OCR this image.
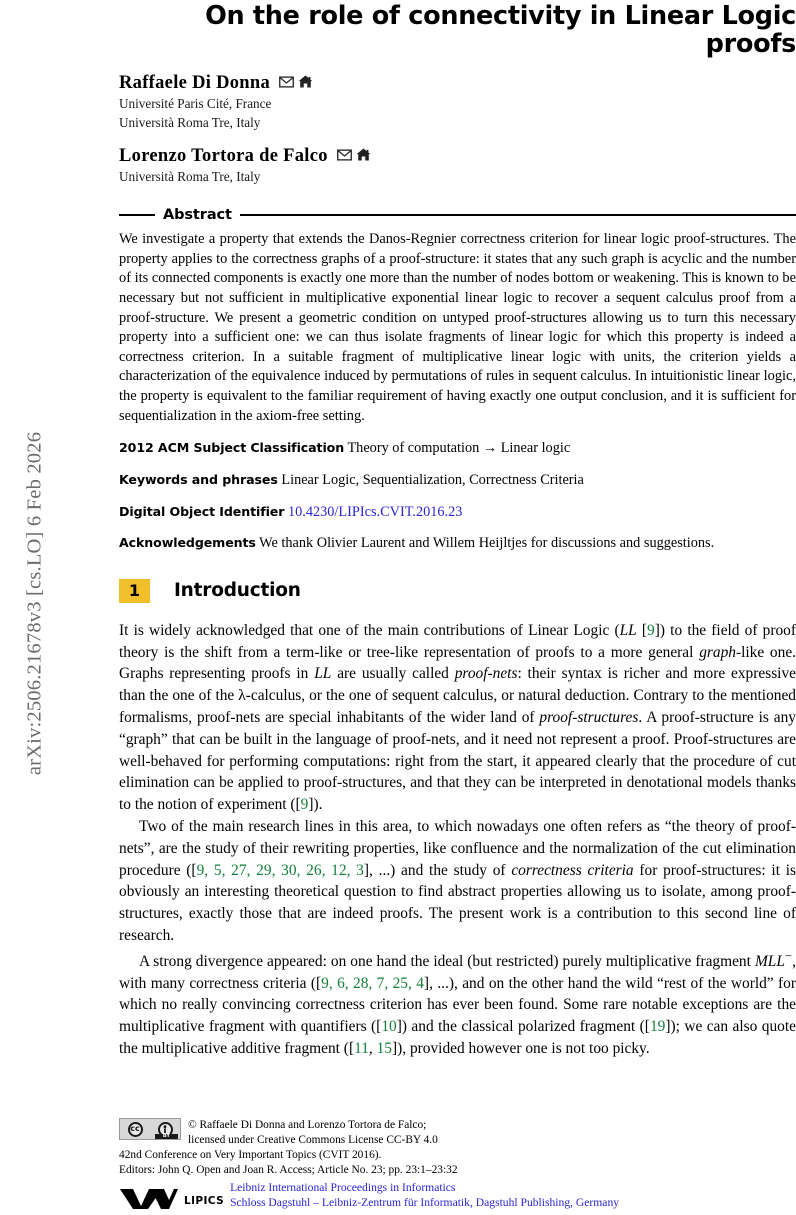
arXiv:2506.21678v3 [cs.LO] 6 Feb 2026
On the role of connectivity in Linear Logic proofs
Raffaele Di Donna
Université Paris Cité, France
Università Roma Tre, Italy
Lorenzo Tortora de Falco
Università Roma Tre, Italy
Abstract
We investigate a property that extends the Danos-Regnier correctness criterion for linear logic proof-structures. The property applies to the correctness graphs of a proof-structure: it states that any such graph is acyclic and the number of its connected components is exactly one more than the number of nodes bottom or weakening. This is known to be necessary but not sufficient in multiplicative exponential linear logic to recover a sequent calculus proof from a proof-structure. We present a geometric condition on untyped proof-structures allowing us to turn this necessary property into a sufficient one: we can thus isolate fragments of linear logic for which this property is indeed a correctness criterion. In a suitable fragment of multiplicative linear logic with units, the criterion yields a characterization of the equivalence induced by permutations of rules in sequent calculus. In intuitionistic linear logic, the property is equivalent to the familiar requirement of having exactly one output conclusion, and it is sufficient for sequentialization in the axiom-free setting.
2012 ACM Subject Classification Theory of computation → Linear logic
Keywords and phrases Linear Logic, Sequentialization, Correctness Criteria
Digital Object Identifier 10.4230/LIPIcs.CVIT.2016.23
Acknowledgements We thank Olivier Laurent and Willem Heijltjes for discussions and suggestions.
1	Introduction

It is widely acknowledged that one of the main contributions of Linear Logic (LL [9]) to the field of proof theory is the shift from a term-like or tree-like representation of proofs to a more general graph-like one. Graphs representing proofs in LL are usually called proof-nets: their syntax is richer and more expressive than the one of the λ-calculus, or the one of sequent calculus, or natural deduction. Contrary to the mentioned formalisms, proof-nets are special inhabitants of the wider land of proof-structures. A proof-structure is any “graph” that can be built in the language of proof-nets, and it need not represent a proof. Proof-structures are well-behaved for performing computations: right from the start, it appeared clearly that the procedure of cut elimination can be applied to proof-structures, and that they can be interpreted in denotational models thanks to the notion of experiment ([9]).

Two of the main research lines in this area, to which nowadays one often refers as “the theory of proof-nets”, are the study of their rewriting properties, like confluence and the normalization of the cut elimination procedure ([9, 5, 27, 29, 30, 26, 12, 3], ...) and the study of correctness criteria for proof-structures: it is obviously an interesting theoretical question to find abstract properties allowing us to isolate, among proof-structures, exactly those that are indeed proofs. The present work is a contribution to this second line of research.

A strong divergence appeared: on one hand the ideal (but restricted) purely multiplicative fragment MLL−, with many correctness criteria ([9, 6, 28, 7, 25, 4], ...), and on the other hand the wild “rest of the world” for which no really convincing correctness criterion has ever been found. Some rare notable exceptions are the multiplicative fragment with quantifiers ([10]) and the classical polarized fragment ([19]); we can also quote the multiplicative additive fragment ([11, 15]), provided however one is not too picky.

cc
BY
© Raffaele Di Donna and Lorenzo Tortora de Falco;
licensed under Creative Commons License CC-BY 4.0
42nd Conference on Very Important Topics (CVIT 2016).
Editors: John Q. Open and Joan R. Access; Article No. 23; pp. 23:1–23:32
LIPICS
Leibniz International Proceedings in Informatics
Schloss Dagstuhl – Leibniz-Zentrum für Informatik, Dagstuhl Publishing, Germany
